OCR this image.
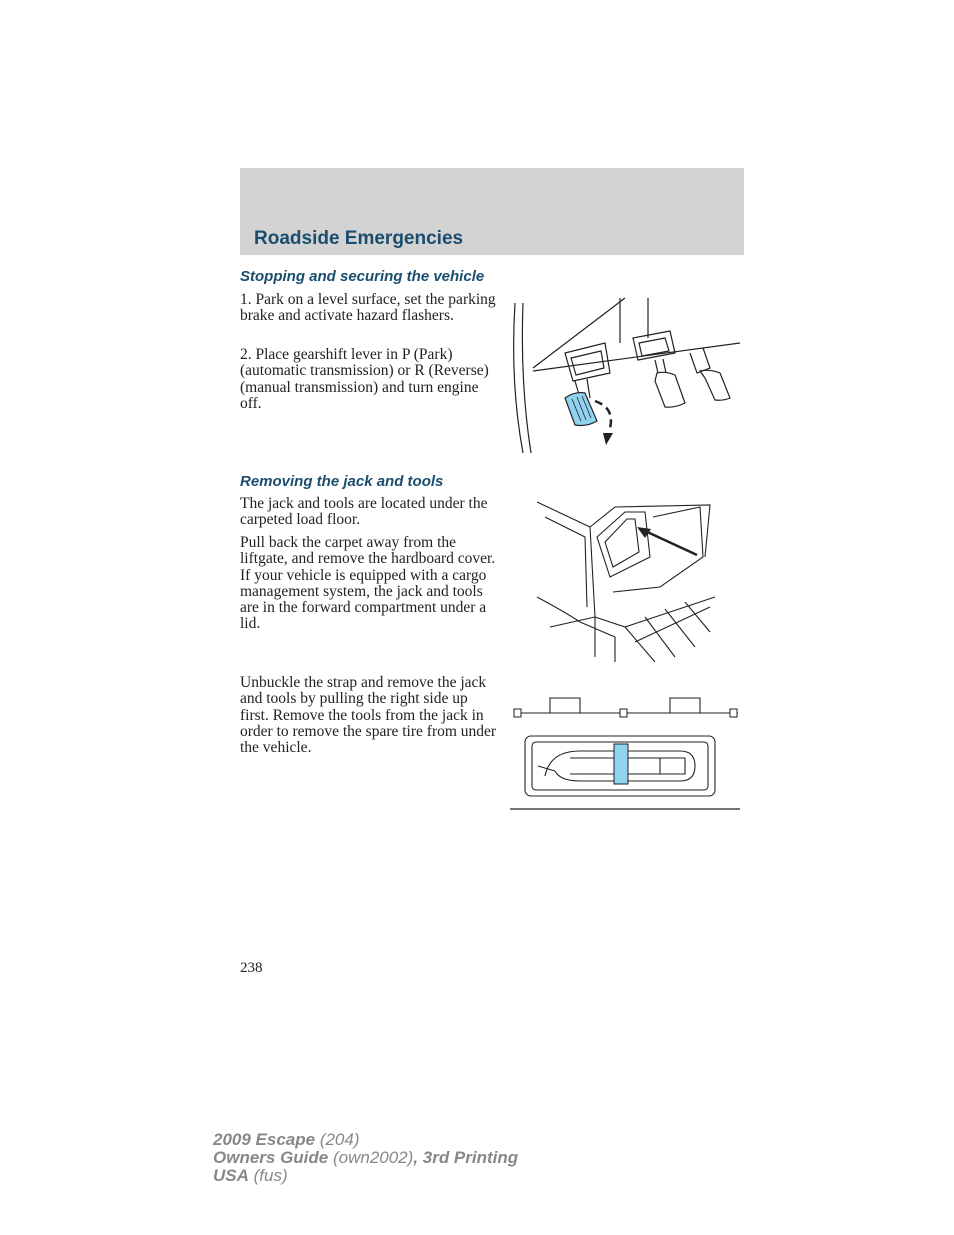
Roadside Emergencies
Stopping and securing the vehicle

1. Park on a level surface, set the parking brake and activate hazard flashers.

2. Place gearshift lever in P (Park) (automatic transmission) or R (Reverse) (manual transmission) and turn engine off.

Removing the jack and tools

The jack and tools are located under the carpeted load floor.

Pull back the carpet away from the liftgate, and remove the hardboard cover. If your vehicle is equipped with a cargo management system, the jack and tools are in the forward compartment under a lid.

Unbuckle the strap and remove the jack and tools by pulling the right side up first. Remove the tools from the jack in order to remove the spare tire from under the vehicle.

238
2009 Escape (204)
Owners Guide (own2002), 3rd Printing
USA (fus)
